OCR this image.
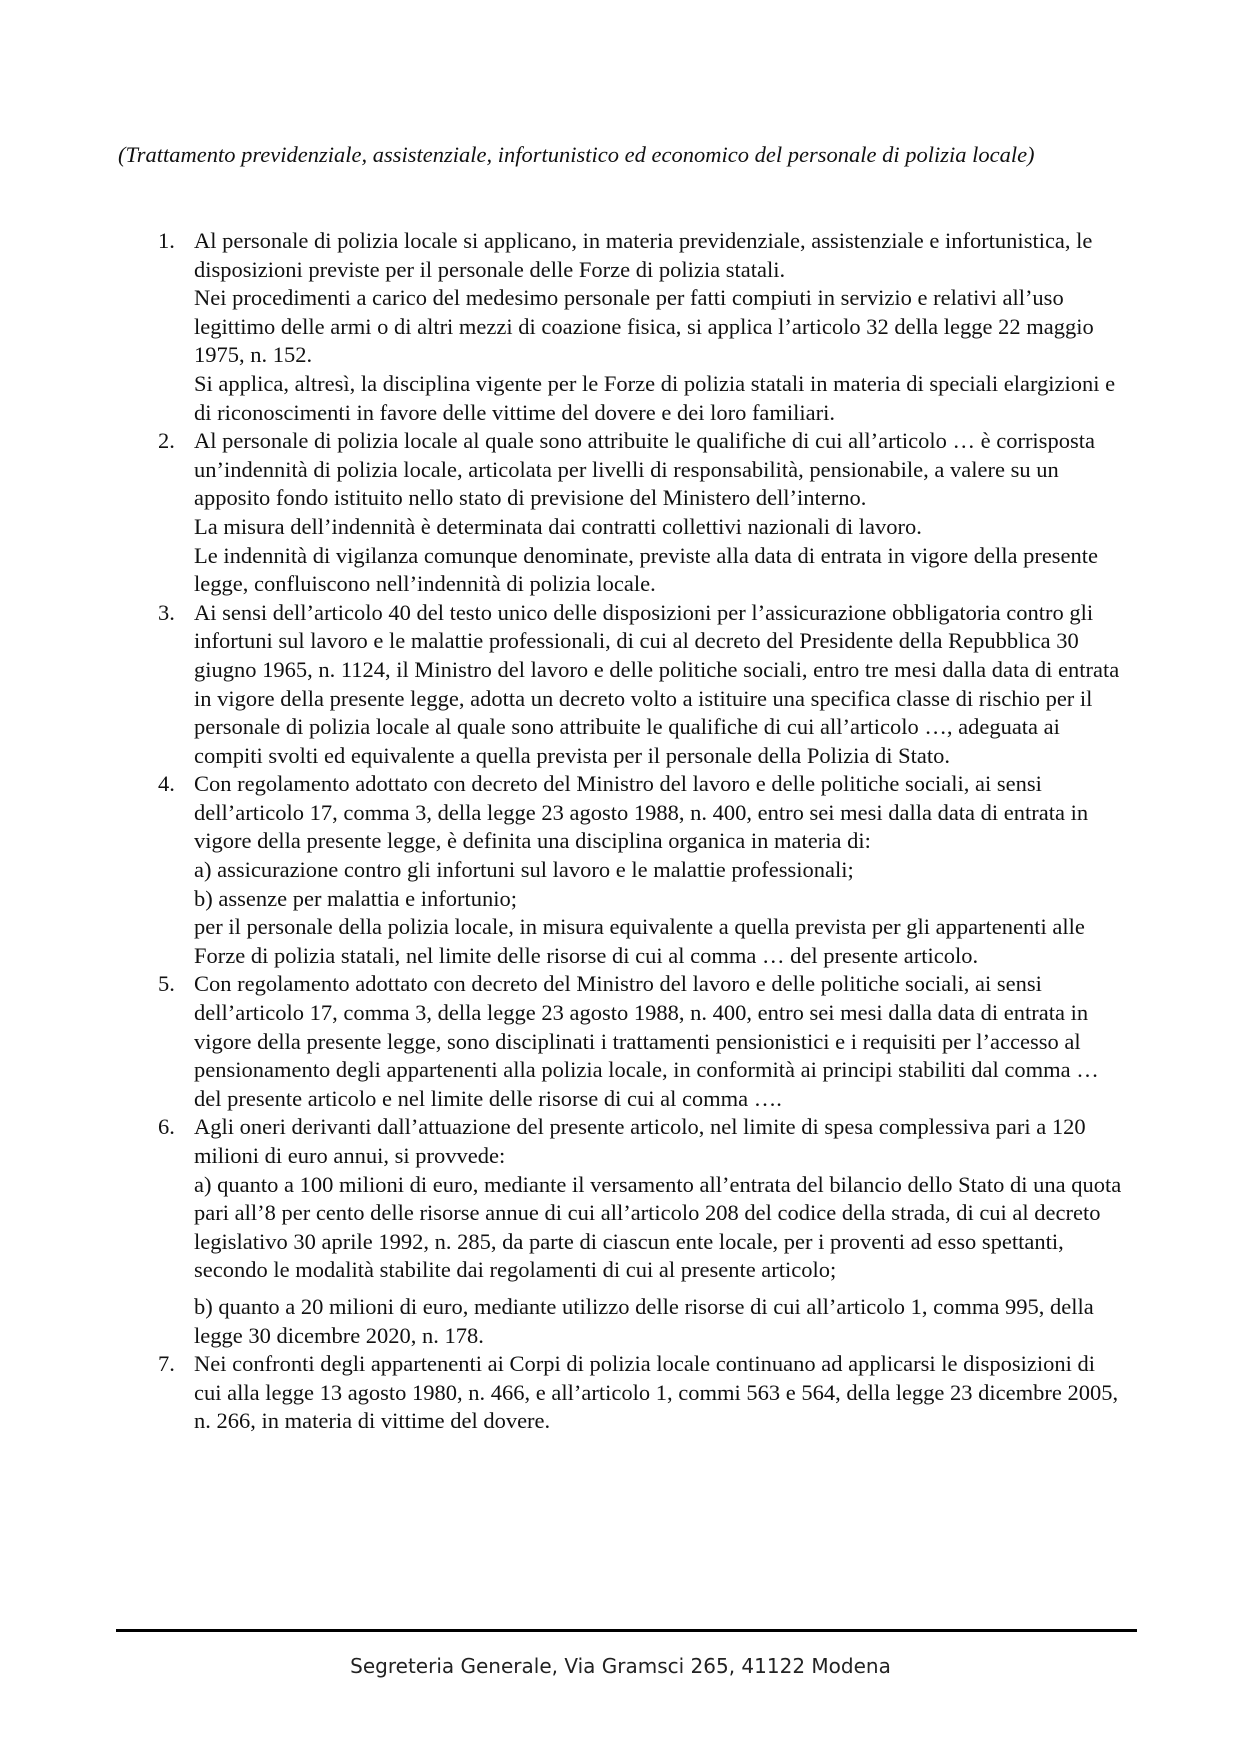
(Trattamento previdenziale, assistenziale, infortunistico ed economico del personale di polizia locale)

1. Al personale di polizia locale si applicano, in materia previdenziale, assistenziale e infortunistica, le disposizioni previste per il personale delle Forze di polizia statali.
Nei procedimenti a carico del medesimo personale per fatti compiuti in servizio e relativi all’uso legittimo delle armi o di altri mezzi di coazione fisica, si applica l’articolo 32 della legge 22 maggio 1975, n. 152.
Si applica, altresì, la disciplina vigente per le Forze di polizia statali in materia di speciali elargizioni e di riconoscimenti in favore delle vittime del dovere e dei loro familiari.
2. Al personale di polizia locale al quale sono attribuite le qualifiche di cui all’articolo … è corrisposta un’indennità di polizia locale, articolata per livelli di responsabilità, pensionabile, a valere su un apposito fondo istituito nello stato di previsione del Ministero dell’interno.
La misura dell’indennità è determinata dai contratti collettivi nazionali di lavoro.
Le indennità di vigilanza comunque denominate, previste alla data di entrata in vigore della presente legge, confluiscono nell’indennità di polizia locale.
3. Ai sensi dell’articolo 40 del testo unico delle disposizioni per l’assicurazione obbligatoria contro gli infortuni sul lavoro e le malattie professionali, di cui al decreto del Presidente della Repubblica 30 giugno 1965, n. 1124, il Ministro del lavoro e delle politiche sociali, entro tre mesi dalla data di entrata in vigore della presente legge, adotta un decreto volto a istituire una specifica classe di rischio per il personale di polizia locale al quale sono attribuite le qualifiche di cui all’articolo …, adeguata ai compiti svolti ed equivalente a quella prevista per il personale della Polizia di Stato.
4. Con regolamento adottato con decreto del Ministro del lavoro e delle politiche sociali, ai sensi dell’articolo 17, comma 3, della legge 23 agosto 1988, n. 400, entro sei mesi dalla data di entrata in vigore della presente legge, è definita una disciplina organica in materia di:
a) assicurazione contro gli infortuni sul lavoro e le malattie professionali;
b) assenze per malattia e infortunio;
per il personale della polizia locale, in misura equivalente a quella prevista per gli appartenenti alle Forze di polizia statali, nel limite delle risorse di cui al comma … del presente articolo.
5. Con regolamento adottato con decreto del Ministro del lavoro e delle politiche sociali, ai sensi dell’articolo 17, comma 3, della legge 23 agosto 1988, n. 400, entro sei mesi dalla data di entrata in vigore della presente legge, sono disciplinati i trattamenti pensionistici e i requisiti per l’accesso al pensionamento degli appartenenti alla polizia locale, in conformità ai principi stabiliti dal comma … del presente articolo e nel limite delle risorse di cui al comma ….
6. Agli oneri derivanti dall’attuazione del presente articolo, nel limite di spesa complessiva pari a 120 milioni di euro annui, si provvede:
a) quanto a 100 milioni di euro, mediante il versamento all’entrata del bilancio dello Stato di una quota pari all’8 per cento delle risorse annue di cui all’articolo 208 del codice della strada, di cui al decreto legislativo 30 aprile 1992, n. 285, da parte di ciascun ente locale, per i proventi ad esso spettanti, secondo le modalità stabilite dai regolamenti di cui al presente articolo;
b) quanto a 20 milioni di euro, mediante utilizzo delle risorse di cui all’articolo 1, comma 995, della legge 30 dicembre 2020, n. 178.
7. Nei confronti degli appartenenti ai Corpi di polizia locale continuano ad applicarsi le disposizioni di cui alla legge 13 agosto 1980, n. 466, e all’articolo 1, commi 563 e 564, della legge 23 dicembre 2005, n. 266, in materia di vittime del dovere.
Segreteria Generale, Via Gramsci 265, 41122 Modena
